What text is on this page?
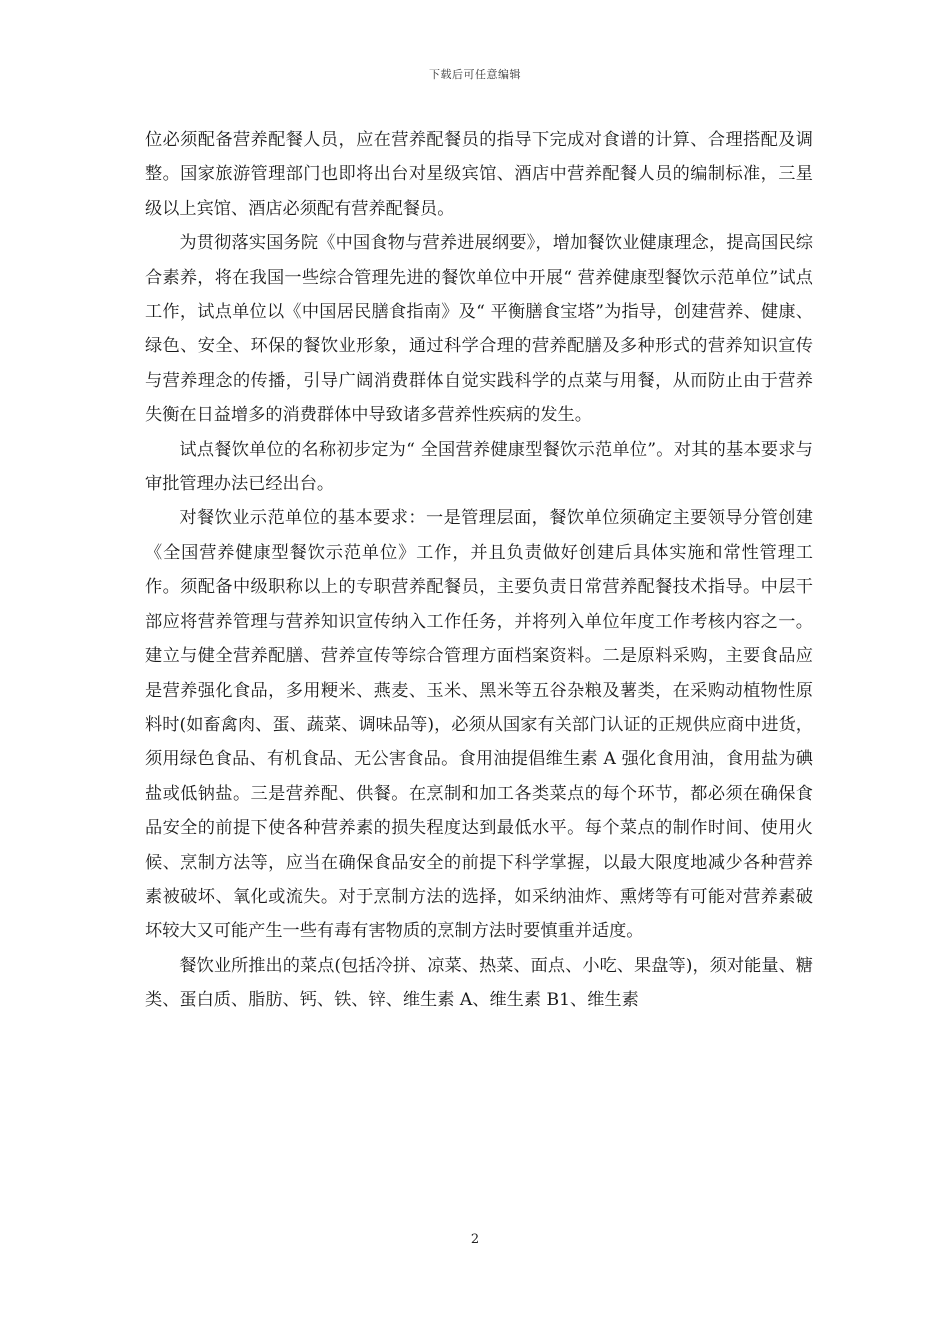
下载后可任意编辑

位必须配备营养配餐人员，应在营养配餐员的指导下完成对食谱的计算、合理搭配及调整。国家旅游管理部门也即将出台对星级宾馆、酒店中营养配餐人员的编制标准，三星级以上宾馆、酒店必须配有营养配餐员。

为贯彻落实国务院《中国食物与营养进展纲要》，增加餐饮业健康理念，提高国民综合素养，将在我国一些综合管理先进的餐饮单位中开展“ 营养健康型餐饮示范单位”试点工作，试点单位以《中国居民膳食指南》及“ 平衡膳食宝塔”为指导，创建营养、健康、绿色、安全、环保的餐饮业形象，通过科学合理的营养配膳及多种形式的营养知识宣传与营养理念的传播，引导广阔消费群体自觉实践科学的点菜与用餐，从而防止由于营养失衡在日益增多的消费群体中导致诸多营养性疾病的发生。

试点餐饮单位的名称初步定为“ 全国营养健康型餐饮示范单位”。对其的基本要求与审批管理办法已经出台。

对餐饮业示范单位的基本要求：一是管理层面，餐饮单位须确定主要领导分管创建《全国营养健康型餐饮示范单位》工作，并且负责做好创建后具体实施和常性管理工作。须配备中级职称以上的专职营养配餐员，主要负责日常营养配餐技术指导。中层干部应将营养管理与营养知识宣传纳入工作任务，并将列入单位年度工作考核内容之一。建立与健全营养配膳、营养宣传等综合管理方面档案资料。二是原料采购，主要食品应是营养强化食品，多用粳米、燕麦、玉米、黑米等五谷杂粮及薯类，在采购动植物性原料时(如畜禽肉、蛋、蔬菜、调味品等)，必须从国家有关部门认证的正规供应商中进货，须用绿色食品、有机食品、无公害食品。食用油提倡维生素 A 强化食用油，食用盐为碘盐或低钠盐。三是营养配、供餐。在烹制和加工各类菜点的每个环节，都必须在确保食品安全的前提下使各种营养素的损失程度达到最低水平。每个菜点的制作时间、使用火候、烹制方法等，应当在确保食品安全的前提下科学掌握，以最大限度地减少各种营养素被破坏、氧化或流失。对于烹制方法的选择，如采纳油炸、熏烤等有可能对营养素破坏较大又可能产生一些有毒有害物质的烹制方法时要慎重并适度。

餐饮业所推出的菜点(包括冷拼、凉菜、热菜、面点、小吃、果盘等)，须对能量、糖类、蛋白质、脂肪、钙、铁、锌、维生素 A、维生素 B1、维生素

2
